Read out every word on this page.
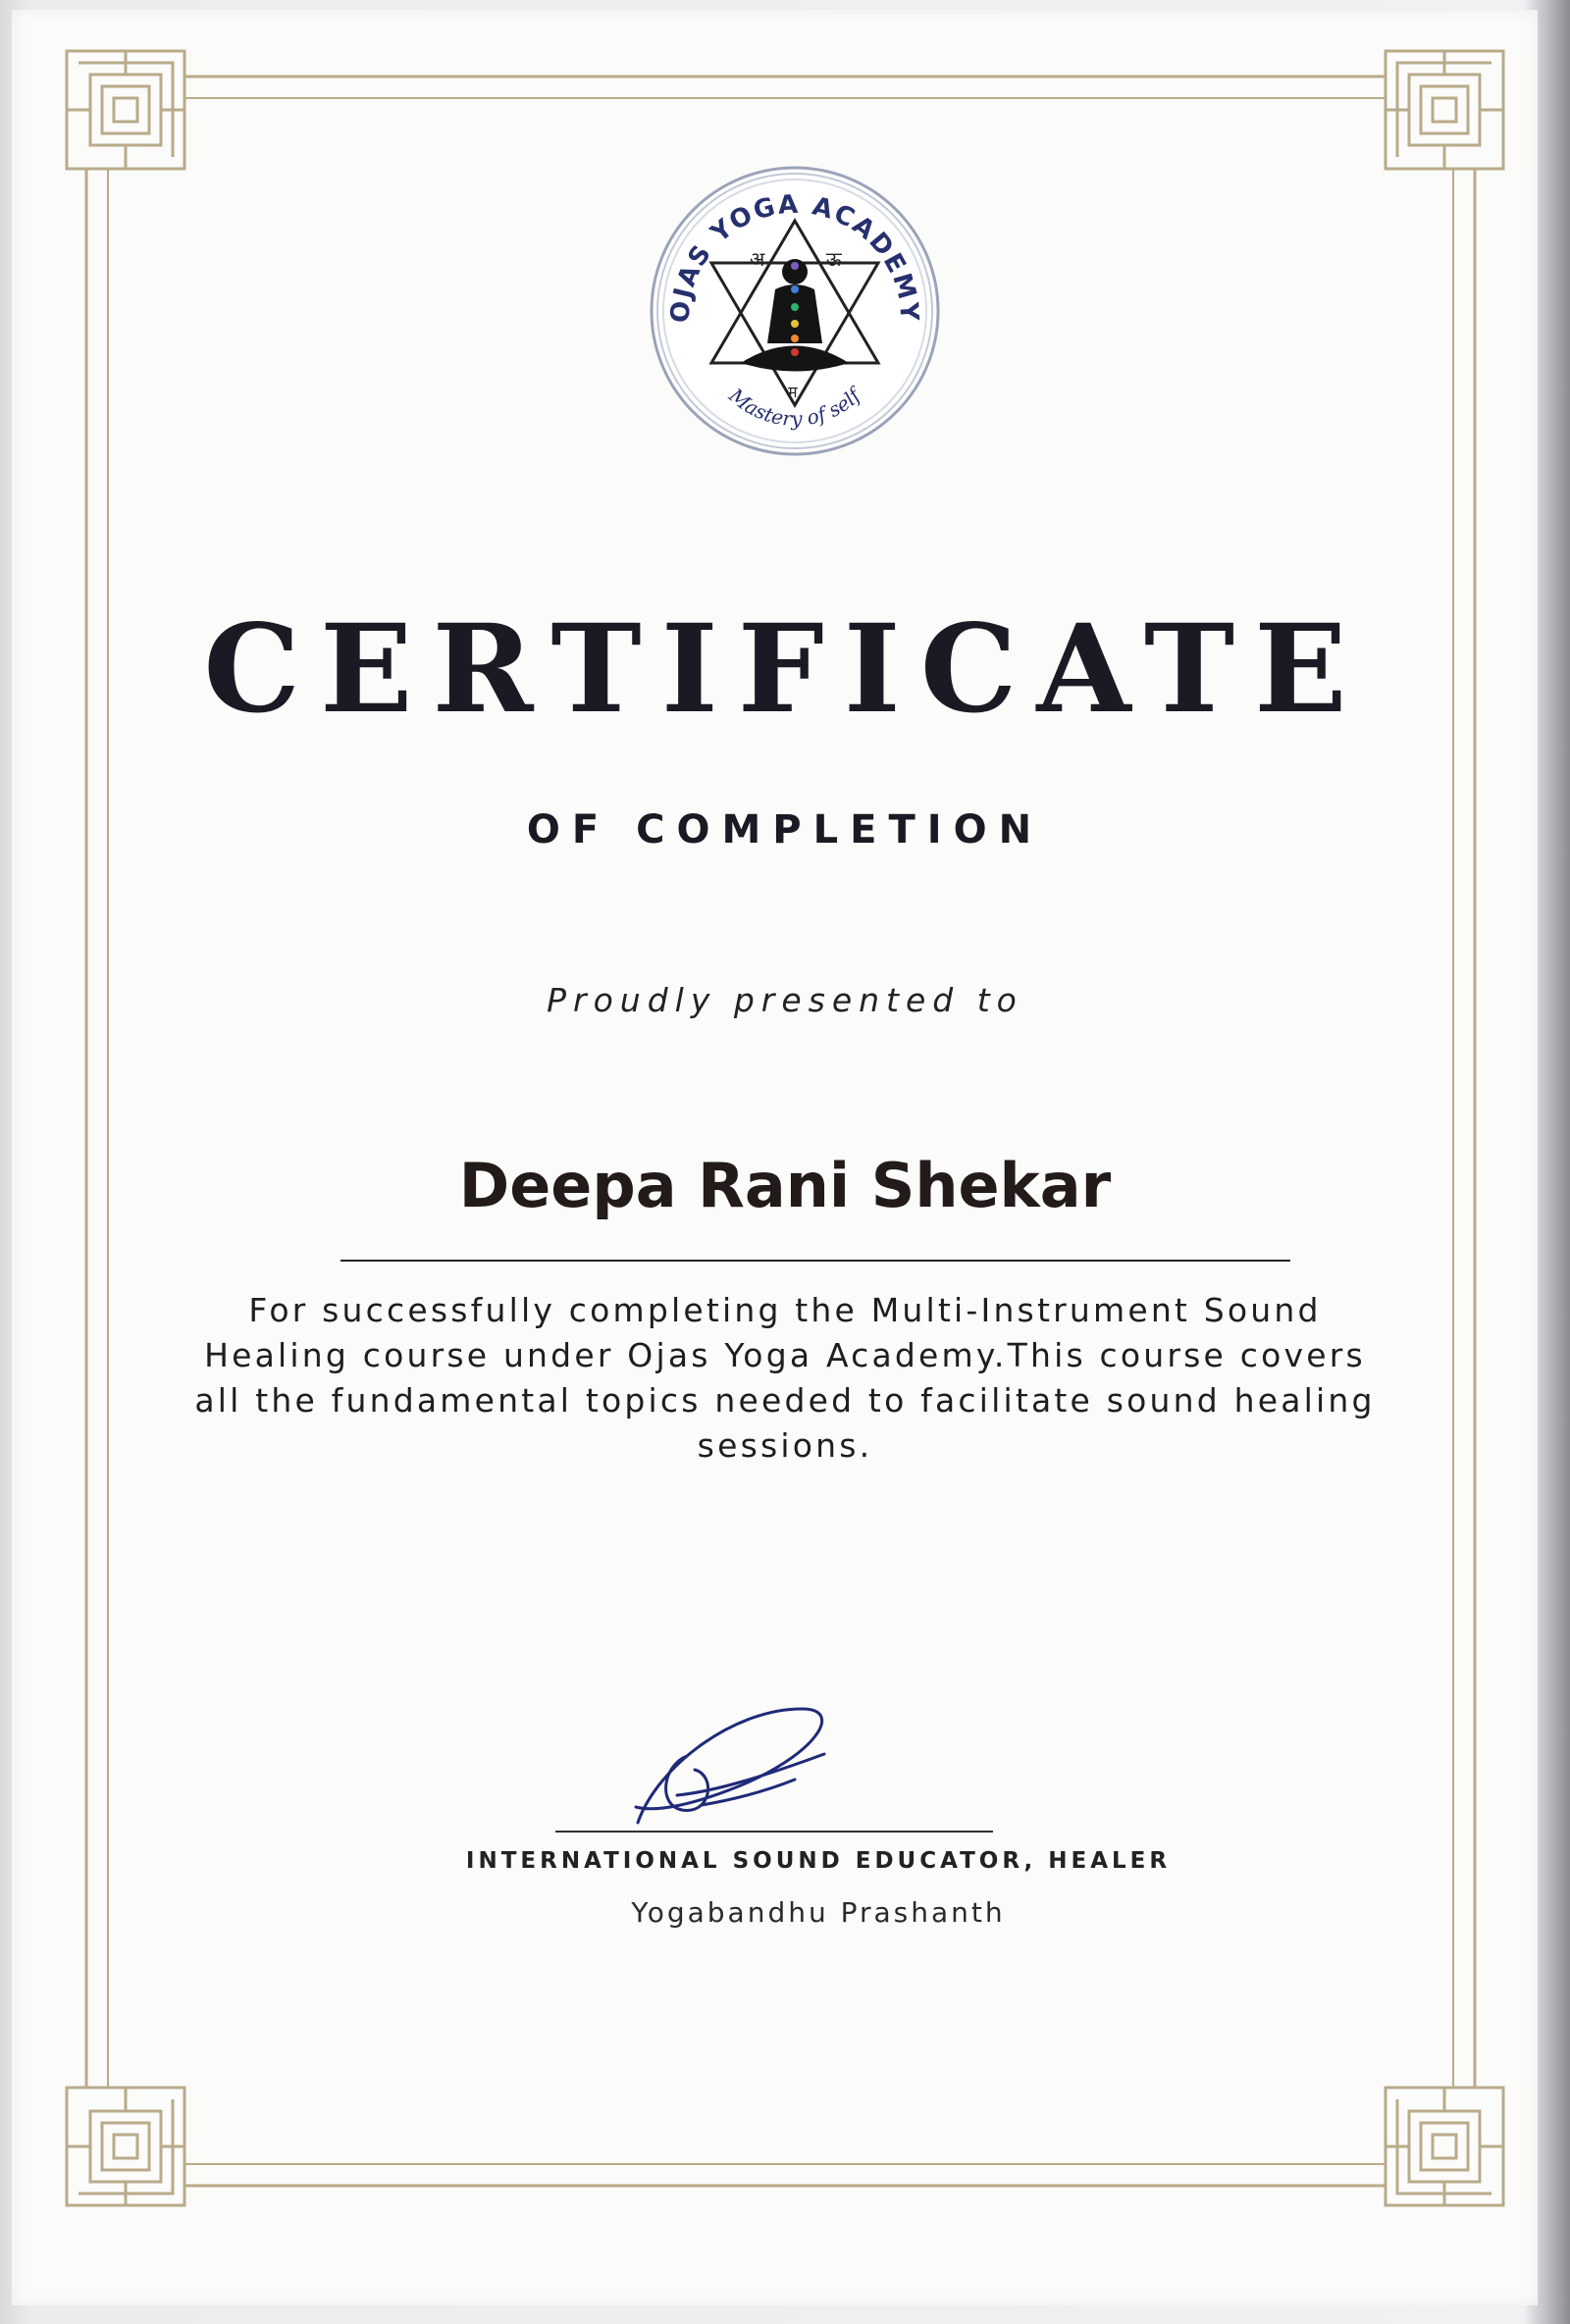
OJAS YOGA ACADEMY
Mastery of self
अ	ऊ
म
CERTIFICATE
OF COMPLETION
Proudly presented to
Deepa Rani Shekar
For successfully completing the Multi-Instrument Sound Healing course under Ojas Yoga Academy.This course covers all the fundamental topics needed to facilitate sound healing sessions.
INTERNATIONAL SOUND EDUCATOR, HEALER
Yogabandhu Prashanth
